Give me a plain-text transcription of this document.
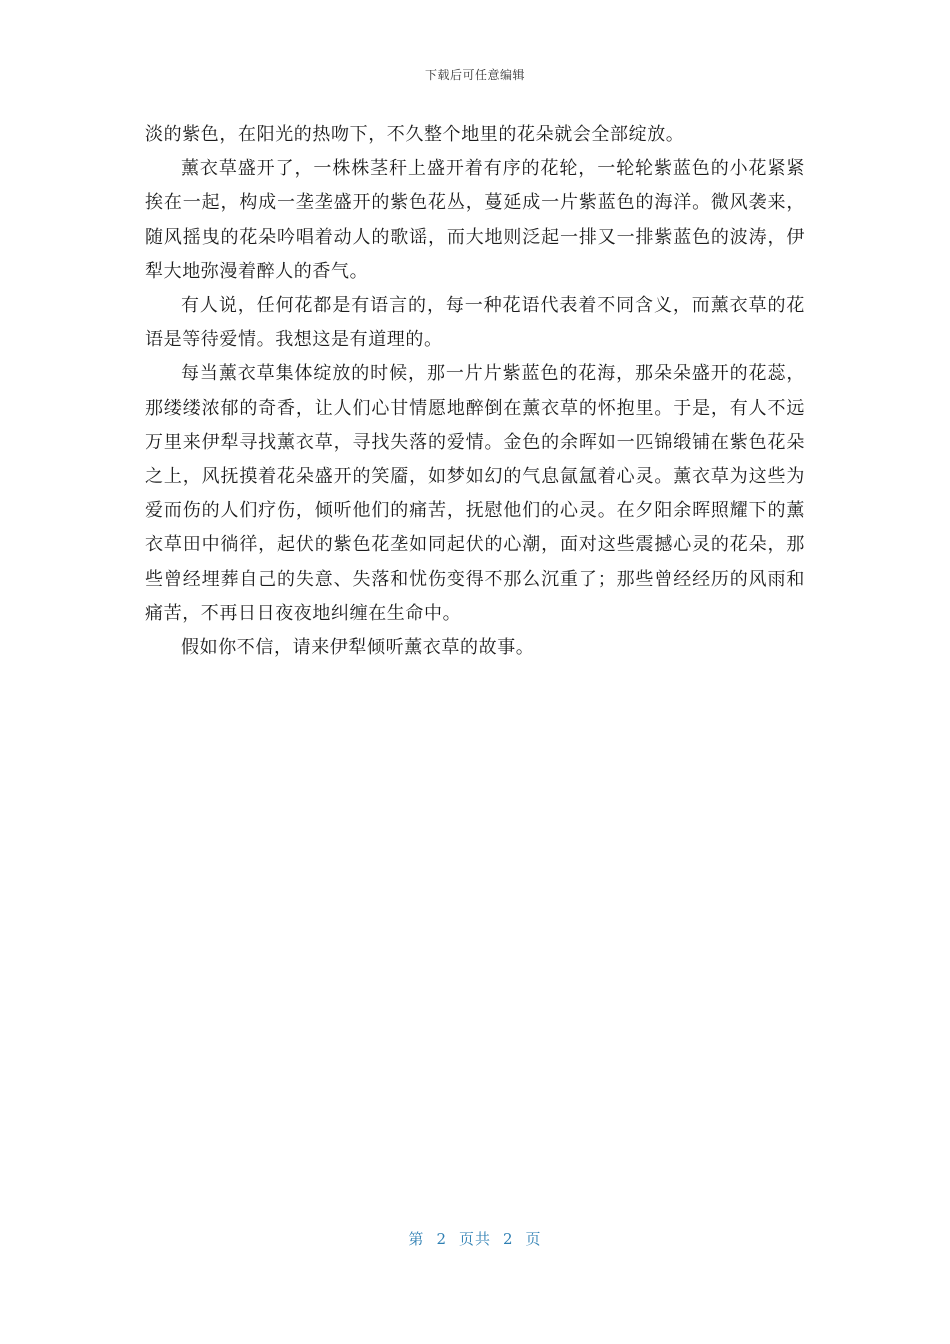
下载后可任意编辑

淡的紫色，在阳光的热吻下，不久整个地里的花朵就会全部绽放。

薰衣草盛开了，一株株茎秆上盛开着有序的花轮，一轮轮紫蓝色的小花紧紧挨在一起，构成一垄垄盛开的紫色花丛，蔓延成一片紫蓝色的海洋。微风袭来，随风摇曳的花朵吟唱着动人的歌谣，而大地则泛起一排又一排紫蓝色的波涛，伊犁大地弥漫着醉人的香气。

有人说，任何花都是有语言的，每一种花语代表着不同含义，而薰衣草的花语是等待爱情。我想这是有道理的。

每当薰衣草集体绽放的时候，那一片片紫蓝色的花海，那朵朵盛开的花蕊，那缕缕浓郁的奇香，让人们心甘情愿地醉倒在薰衣草的怀抱里。于是，有人不远万里来伊犁寻找薰衣草，寻找失落的爱情。金色的余晖如一匹锦缎铺在紫色花朵之上，风抚摸着花朵盛开的笑靥，如梦如幻的气息氤氲着心灵。薰衣草为这些为爱而伤的人们疗伤，倾听他们的痛苦，抚慰他们的心灵。在夕阳余晖照耀下的薰衣草田中徜徉，起伏的紫色花垄如同起伏的心潮，面对这些震撼心灵的花朵，那些曾经埋葬自己的失意、失落和忧伤变得不那么沉重了；那些曾经经历的风雨和痛苦，不再日日夜夜地纠缠在生命中。

假如你不信，请来伊犁倾听薰衣草的故事。

第 2 页共 2 页
